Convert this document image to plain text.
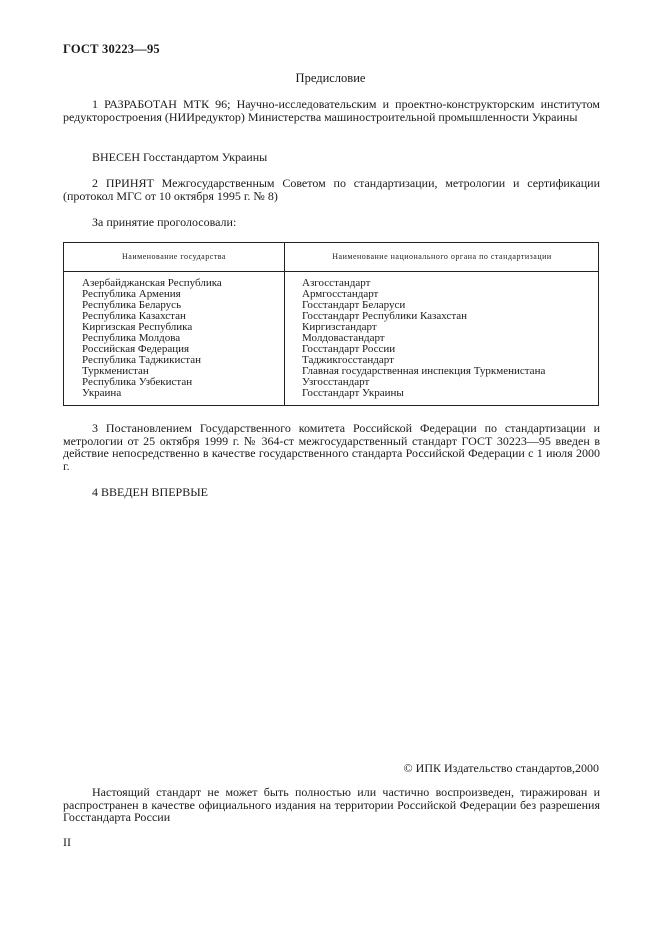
ГОСТ 30223—95
Предисловие

1 РАЗРАБОТАН МТК 96; Научно-исследовательским и проектно-конструкторским институтом редукторостроения (НИИредуктор) Министерства машиностроительной промышленности Украины

ВНЕСЕН Госстандартом Украины

2 ПРИНЯТ Межгосударственным Советом по стандартизации, метрологии и сертификации (протокол МГС от 10 октября 1995 г. № 8)

За принятие проголосовали:

Наименование государства	Наименование национального органа по стандартизации
Азербайджанская Республика
Республика Армения
Республика Беларусь
Республика Казахстан
Киргизская Республика
Республика Молдова
Российская Федерация
Республика Таджикистан
Туркменистан
Республика Узбекистан
Украина
Азгосстандарт
Армгосстандарт
Госстандарт Беларуси
Госстандарт Республики Казахстан
Киргизстандарт
Молдовастандарт
Госстандарт России
Таджикгосстандарт
Главная государственная инспекция Туркменистана
Узгосстандарт
Госстандарт Украины

3 Постановлением Государственного комитета Российской Федерации по стандартизации и метрологии от 25 октября 1999 г. № 364-ст межгосударственный стандарт ГОСТ 30223—95 введен в действие непосредственно в качестве государственного стандарта Российской Федерации с 1 июля 2000 г.

4 ВВЕДЕН ВПЕРВЫЕ

© ИПК Издательство стандартов,2000

Настоящий стандарт не может быть полностью или частично воспроизведен, тиражирован и распространен в качестве официального издания на территории Российской Федерации без разрешения Госстандарта России

II
